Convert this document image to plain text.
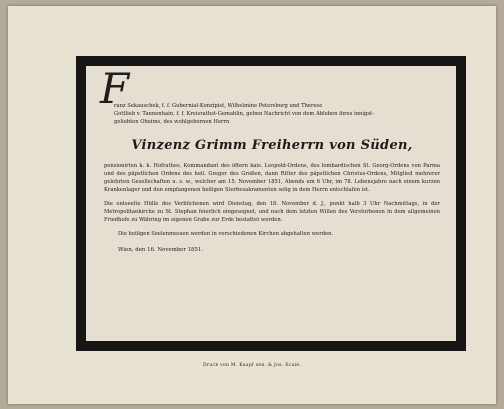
ranz Sekauschek, f. f. Gubernial-Konzipist, Wilhelmine Petersburg und Therese

Gottlieb v. Tannenhain, f. f. Kreisrathst-Gemahlin, geben Nachricht von dem Ableben ihres innigst-

geliebten Oheims, des wohlgebornen Herrn

Vinzenz Grimm Freiherrn von Süden,

pensionirten k. k. Hofrathes, Kommandant des öftern kais. Leopold-Ordens, des lombardischen St. Georg-Ordens von Parma und des päpstlichen Ordens des heil. Gregor des Großen, dann Ritter des päpstlichen Christus-Ordens, Mitglied mehrerer gelehrten Gesellschaften u. s. w., welcher am 15. November 1851, Abends um 6 Uhr, im 78. Lebensjahre nach einem kurzen Krankenlager und den empfangenen heiligen Sterbesakramenten selig in dem Herrn entschlafen ist.

Die entseelte Hülle des Verblichenen wird Dienstag, den 18. November d. J., punkt halb 3 Uhr Nachmittags, in der Metropolitankirche zu St. Stephan feierlich eingesegnet, und nach dem letzten Willen des Verstorbenen in dem allgemeinen Friedhofe zu Währing im eigenen Grabe zur Erde bestattet werden.

Die heiligen Seelenmessen werden in verschiedenen Kirchen abgehalten werden.

Wien, den 16. November 1851.
F
Druck von M. Kaapf sen. & Jos. Ecaié.
